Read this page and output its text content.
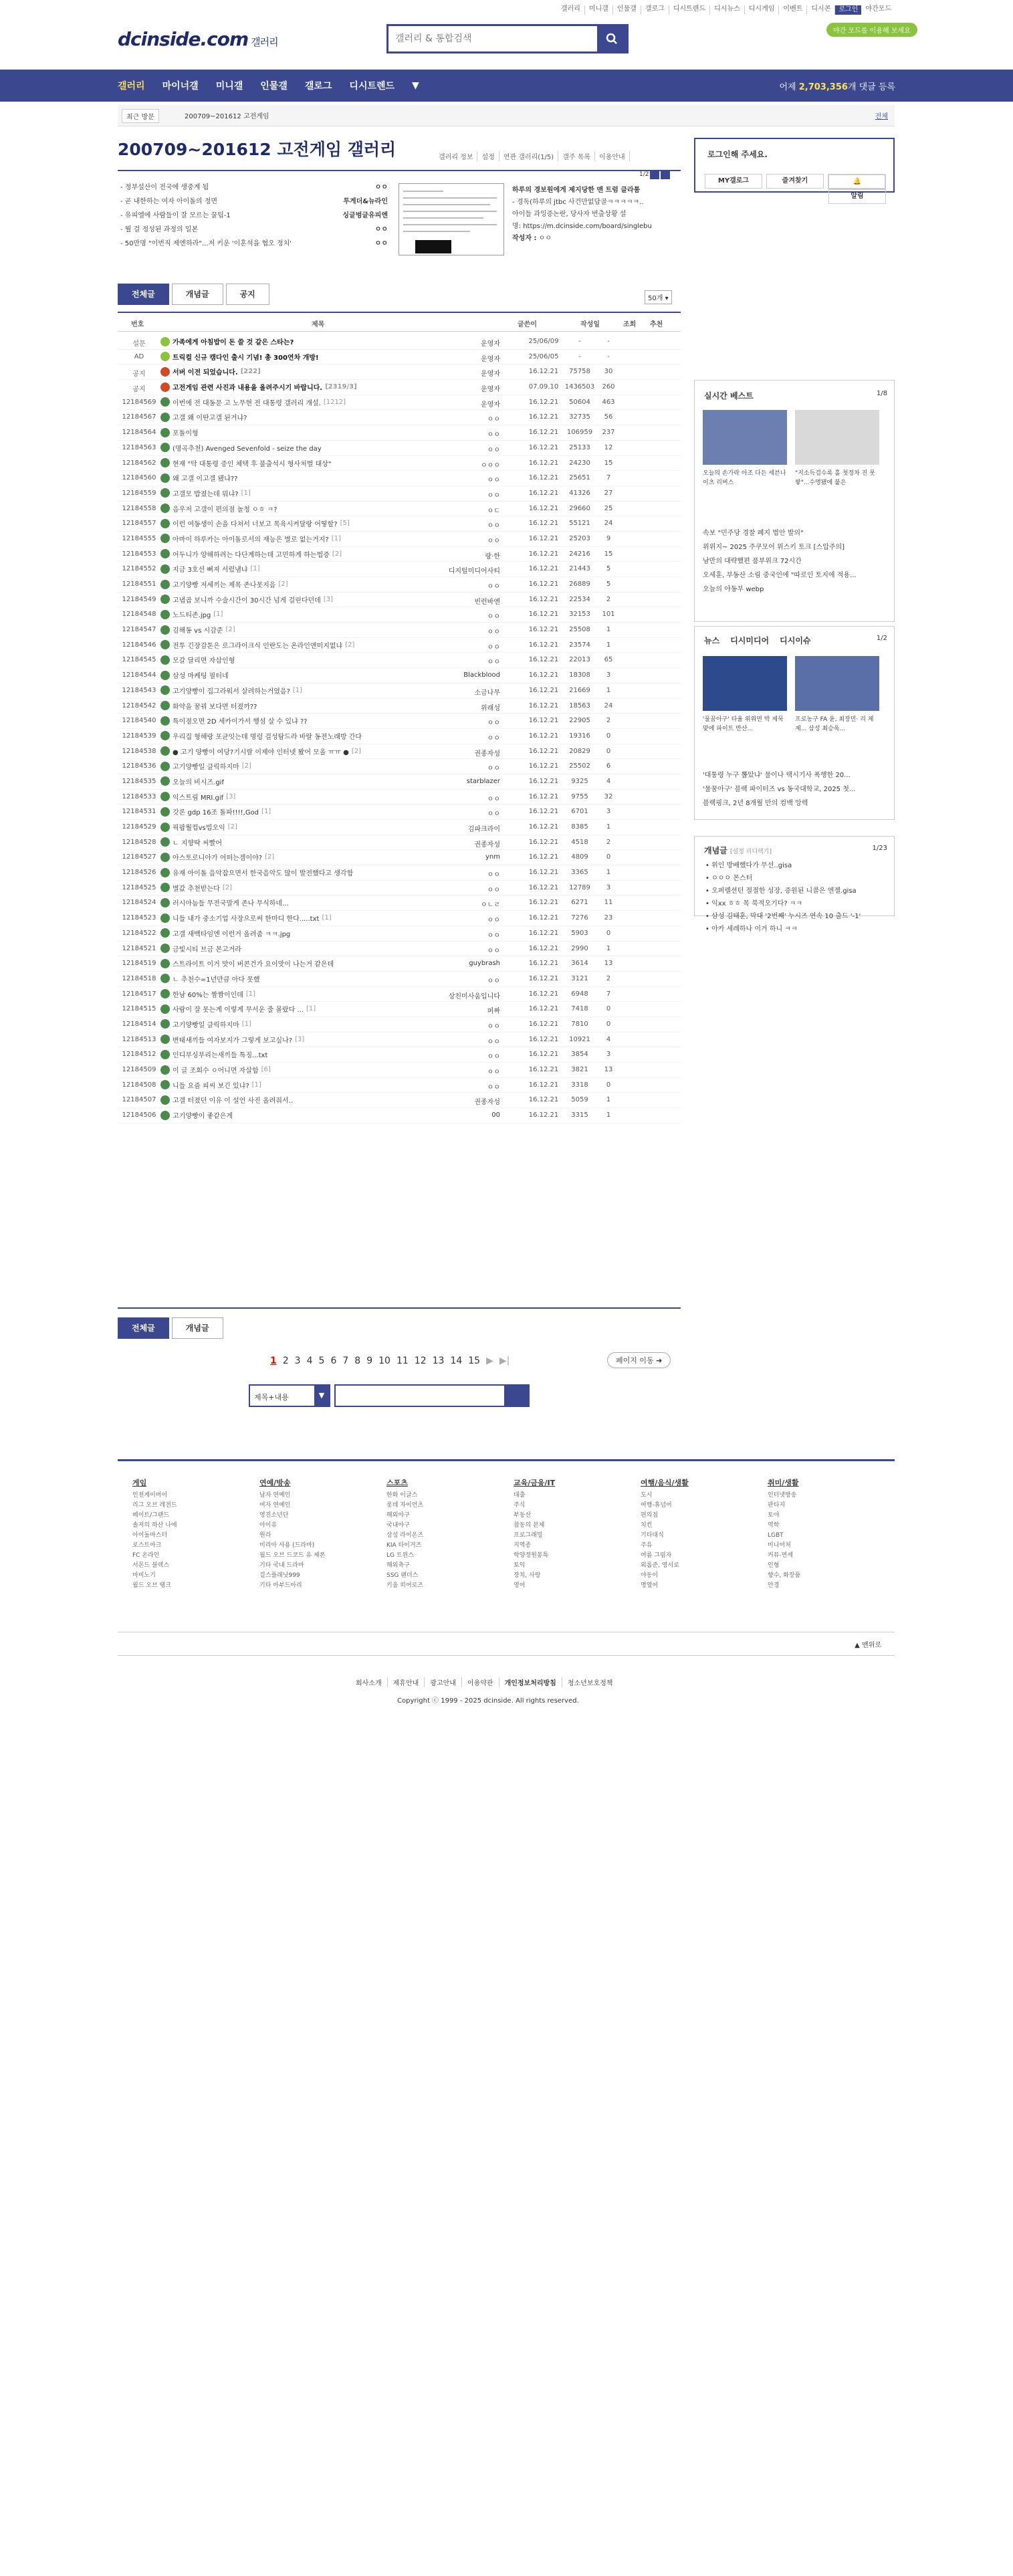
갤러리	미니갤	인물갤	갤로그	디시트렌드	디시뉴스	디시게임	이벤트	디시콘	로그인	야간모드
dcinside.com 갤러리
갤러리 & 통합검색
야간 모드를 이용해 보세요
갤러리 마이너갤 미니갤 인물갤 갤로그 디시트렌드 ▼	어제 2,703,356개 댓글 등록
최근 방문	200709~201612 고전게임	전체
200709~201612 고전게임 갤러리	갤러리 정보	설정	연관 갤러리(1/5)	갤주 목록	이용안내
1/2
- 정부설산이 전국에 생중계 됨	ㅇㅇ
- 곧 내한하는 여자 아이돌의 정면	투게더&뉴라인
- 유피엘에 사람들이 잘 모르는 꿀팁-1	싱글벙글유피엔
- 뭘 걸 정성된 과정의 일본	ㅇㅇ
- 50만명 "이번직 제엔하라"...저 키운 '이혼석을 협오 정치'	ㅇㅇ
하루의 경보원에게 제지당한 맨 트럼 클라툼
- 경독(하루의 jtbc 사건만없답골ㅋㅋㅋㅋㅋ..
아이들 과잉증논란, 당사자 번출상황 설
명: https://m.dcinside.com/board/singlebu
작성자 : ㅇㅇ
로그인해 주세요.
MY갤로그	즐겨찾기	🔔 알림
전체글	개념글	공지	50개 ▾
번호	제목	글쓴이	작성일	조회 추천
설문	가족에게 아침밥이 돈 쓸 것 같은 스타는?	운영자	25/06/09	-	-
AD	트릭컬 신규 캠다인 출시 기념! 총 300연차 개방!	운영자	25/06/05	-	-
공지	서버 이전 되었습니다. [222]	운영자	16.12.21	75758	30
공지	고전게임 관련 사진과 내용을 올려주시기 바랍니다. [2319/3]	운영자	07.09.10 1436503	260
12184569	이번에 전 대동문 고 노무현 전 대통령 갤러리 개설. [1212]	운영자	16.12.21	50604	463
12184567	고갤 왜 이딴고갤 된거냐?	ㅇㅇ	16.12.21	32735	56
12184564	포돌이형	ㅇㅇ	16.12.21	106959	237
12184563	(명곡추천) Avenged Sevenfold - seize the day	ㅇㅇ	16.12.21	25133	12
12184562	현재 "탁 대통령 증인 체택 후 불출석시 형사처벌 대상"	ㅇㅇㅇ	16.12.21	24230	15
12184560	왜 고갤 이고갤 됐냐??	ㅇㅇ	16.12.21	25651	7
12184559	고갤모 밥졌는데 뭐냐? [1]	ㅇㅇ	16.12.21	41326	27
12184558	음우저 고갤이 편의점 놀청 ㅇㅎ ㅋ?	ㅇㄷ	16.12.21	29660	25
12184557	이런 여동생이 손을 다쳐서 너보고 목욕시켜달랑 어떻할? [5]	ㅇㅇ	16.12.21	55121	24
12184555	아마이 하루카는 아이돌로서의 재능은 별로 없는거지? [1]	ㅇㅇ	16.12.21	25203	9
12184553	어두니가 양해하려는 다단계하는데 고민하게 하는법증 [2]	랑·한	16.12.21	24216	15
12184552	지금 3호선 뻐져 서렀냄냐 [1]	디지털미디어사티	16.12.21	21443	5
12184551	고기양빵 저세끼는 제목 존나못지음 [2]	ㅇㅇ	16.12.21	26889	5
12184549	고냅곱 보니까 수술시간이 30시간 넘게 걸린다던데 [3]	빈런바엔	16.12.21	22534	2
12184548	노드티존.jpg [1]	ㅇㅇ	16.12.21	32153	101
12184547	김해동 vs 시감준 [2]	ㅇㅇ	16.12.21	25508	1
12184546	전투 긴장감톤은 로그라이크식 인란도는 온라인앤미지없냐 [2]	ㅇㅇ	16.12.21	23574	1
12184545	모갈 달리면 자삽인형	ㅇㅇ	16.12.21	22013	65
12184544	삼성 마케팅 필터네	Blackblood	16.12.21	18308	3
12184543	고기양빵이 집그라워서 살려하는거였음? [1]	소금나무	16.12.21	21669	1
12184542	화약을 꿈꿔 보다면 터졌까??	위래성	16.12.21	18563	24
12184540	특이점오면 2D 세카이가서 행섬 살 수 있냐 ??	ㅇㅇ	16.12.21	22905	2
12184539	우리집 형해랑 포균잇는데 명렁 걸성탐드라 바랄 동전노래방 간다	ㅇㅇ	16.12.21	19316	0
12184538	● 고기 양빵이 여당?기시랄 이제야 인터넷 봤어 모올 ㅠㅠ ● [2]	권종자성	16.12.21	20829	0
12184536	고기양빵일 클릭하지마 [2]	ㅇㅇ	16.12.21	25502	6
12184535	오늘의 비시즈.gif	starblazer	16.12.21	9325	4
12184533	익스트림 MRI.gif [3]	ㅇㅇ	16.12.21	9755	32
12184531	갓론 gdp 16조 돌파!!!!,God [1]	ㅇㅇ	16.12.21	6701	3
12184529	픽팝월컵vs빕오익 [2]	김파크라이	16.12.21	8385	1
12184528	ㄴ 지향딱 씨빨어	권종자성	16.12.21	4518	2
12184527	아스토로니아가 어떠는겜이야? [2]	ynm	16.12.21	4809	0
12184526	유재 아이돌 음악잡으면서 한국음악도 많이 발전했다고 생각함	ㅇㅇ	16.12.21	3365	1
12184525	별값 추천받는다 [2]	ㅇㅇ	16.12.21	12789	3
12184524	러시아놈들 무전국말게 존나 무식하네...	ㅇㄴㄹ	16.12.21	6271	11
12184523	니들 내가 중소기업 사장으로써 한마디 한다.....txt [1]	ㅇㅇ	16.12.21	7276	23
12184522	고갤 새백타임엔 이런거 올려줌 ㅋㅋ.jpg	ㅇㅇ	16.12.21	5903	0
12184521	금빛시티 브금 몬고거라	ㅇㅇ	16.12.21	2990	1
12184519	스트라이트 이거 맛이 버콘건가 요이맛이 나는거 같은데	guybrash	16.12.21	3614	13
12184518	ㄴ 추천수=1년만큼 아다 못했	ㅇㅇ	16.12.21	3121	2
12184517	한남 60%는 짬짬이인데 [1]	상친미사움입니다	16.12.21	6948	7
12184515	사람이 잘 못는게 이렇게 무서운 줄 몰랐다 ... [1]	퍼짜	16.12.21	7418	0
12184514	고기양빵일 클릭하지마 [1]	ㅇㅇ	16.12.21	7810	0
12184513	변태새끼들 여자보지가 그렇게 보고싶나? [3]	ㅇㅇ	16.12.21	10921	4
12184512	인디부싱부리는새끼들 특징...txt	ㅇㅇ	16.12.21	3854	3
12184509	이 글 조회수 ㅇ어니면 자살함 [6]	ㅇㅇ	16.12.21	3821	13
12184508	니들 요즘 피씨 보긴 있냐? [1]	ㅇㅇ	16.12.21	3318	0
12184507	고갤 터졌던 이유 이 설언 사진 올려줘서..	권종자성	16.12.21	5059	1
12184506	고기양빵이 좋같은게	00	16.12.21	3315	1
전체글	개념글
1 2 3 4 5 6 7 8 9 10 11 12 13 14 15 ▶ ▶|	페이지 이동 ➜
제목+내용	▼
실시간 베스트	1/8
오늘의 손가락 아조 다든 세븐나이츠 리버스
"지소득걸수록 홀 첫정차 진 못쌓"...수명됐에 붙은
속보 "민주당 경찰 폐지 법안 발의"
위위지~ 2025 주쿠모어 위스키 토크 [스압주의]
남만의 대략했편 품부위크 72시간
오세훈, 부동산 소림 중국인에 "따로인 토지에 적용...
오늘의 야동부 webp
뉴스 디시미디어 디시이슈	1/2
'물꿈아구' 타율 위위면 박 제묵 맞에 파이트 반산...
프로농구 FA 윤, 최장민· 리 체제... 삼성 최승욱...
'대통령 누구 뽑았냐' 물이나 택시기사 폭행한 20...
'물꿈아구' 블랙 파이터즈 vs 동국대학교, 2025 첫...
블랙핑크, 2년 8개월 만의 컴백 앙렉
개념글 [설정 리디렉기]	1/23
• 위인 방배했다가 무선..gisa
• ㅇㅇㅇ 몬스터
• 오퍼렐션턴 절절한 성장, 증원된 니콜은 엔젤.gisa
• 익xx ㅎㅎ 목 북적오기다? ㅋㅋ
• 삼성 김태훈, 막대 '2번째' 누시즈 연속 10 출드 '-1'
• 아카 세레하나 이거 하니 ㅋㅋ
게임
인천게이머이
리그 오브 레전드
페이트/그랜드
솔저의 하산 나에
아이돌마스터
로스트아크
FC 온라인
서몬드 블렉스
마비노기
월드 오브 탱크
연예/방송
남자 연예인
여자 연예인
영진소년단
아이유
원라
미리아 사용 (드라마)
월드 오브 드코드 유 제폰
기타 국내 드라마
걸스플래닛999
기타 아부드아리
스포츠
한화 이글스
롯데 자이언츠
해외야구
국내야구
삼성 라이온즈
KIA 타이거즈
LG 트윈스
해외축구
SSG 랜더스
키움 히어로즈
교육/금융/IT
대출
주식
부동산
참동의 본제
프로그래밍
지역종
학양정원봉특
토익
장치, 사랑
영어
여행/음식/생활
도시
여행-휴넘어
편의점
치킨
기타대식
주유
여름 그림자
외롭준, 영서로
야동이
명열어
취미/생활
인터넷방송
판타지
토야
역학
LGBT
미니어처
커뮤-면세
인형
향수, 화장품
안경
▲ 맨위로
회사소개	제휴안내	광고안내	이용약관	개인정보처리방침	청소년보호정책
Copyright ⓒ 1999 - 2025 dcinside. All rights reserved.
